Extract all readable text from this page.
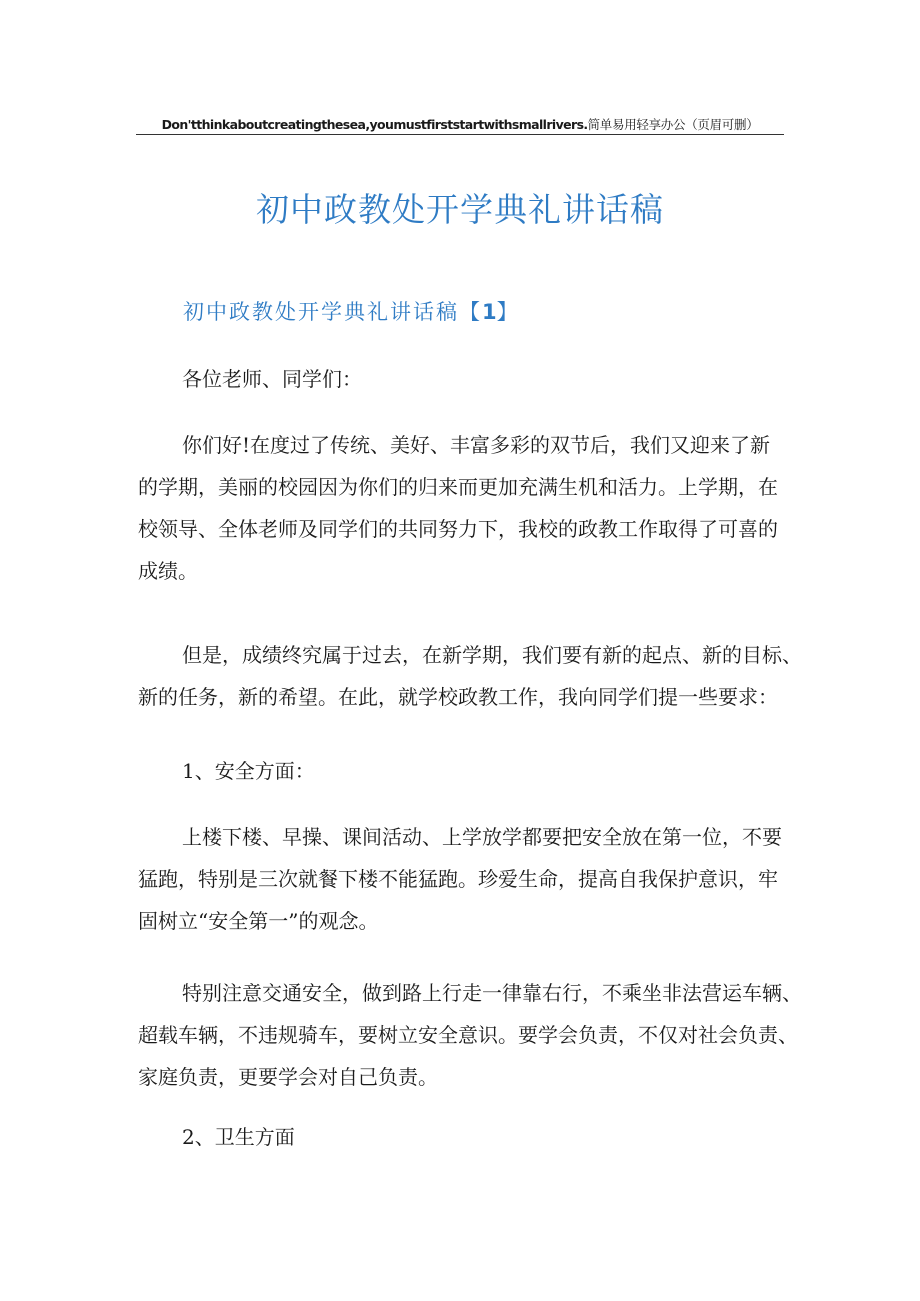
Don'tthinkaboutcreatingthesea,youmustfirststartwithsmallrivers.简单易用轻享办公（页眉可删）
初中政教处开学典礼讲话稿
初中政教处开学典礼讲话稿【1】
各位老师、同学们：
你们好!在度过了传统、美好、丰富多彩的双节后，我们又迎来了新
的学期，美丽的校园因为你们的归来而更加充满生机和活力。上学期，在
校领导、全体老师及同学们的共同努力下，我校的政教工作取得了可喜的
成绩。
但是，成绩终究属于过去，在新学期，我们要有新的起点、新的目标、
新的任务，新的希望。在此，就学校政教工作，我向同学们提一些要求：
1、安全方面：
上楼下楼、早操、课间活动、上学放学都要把安全放在第一位，不要
猛跑，特别是三次就餐下楼不能猛跑。珍爱生命，提高自我保护意识，牢
固树立“安全第一”的观念。
特别注意交通安全，做到路上行走一律靠右行，不乘坐非法营运车辆、
超载车辆，不违规骑车，要树立安全意识。要学会负责，不仅对社会负责、
家庭负责，更要学会对自己负责。
2、卫生方面
